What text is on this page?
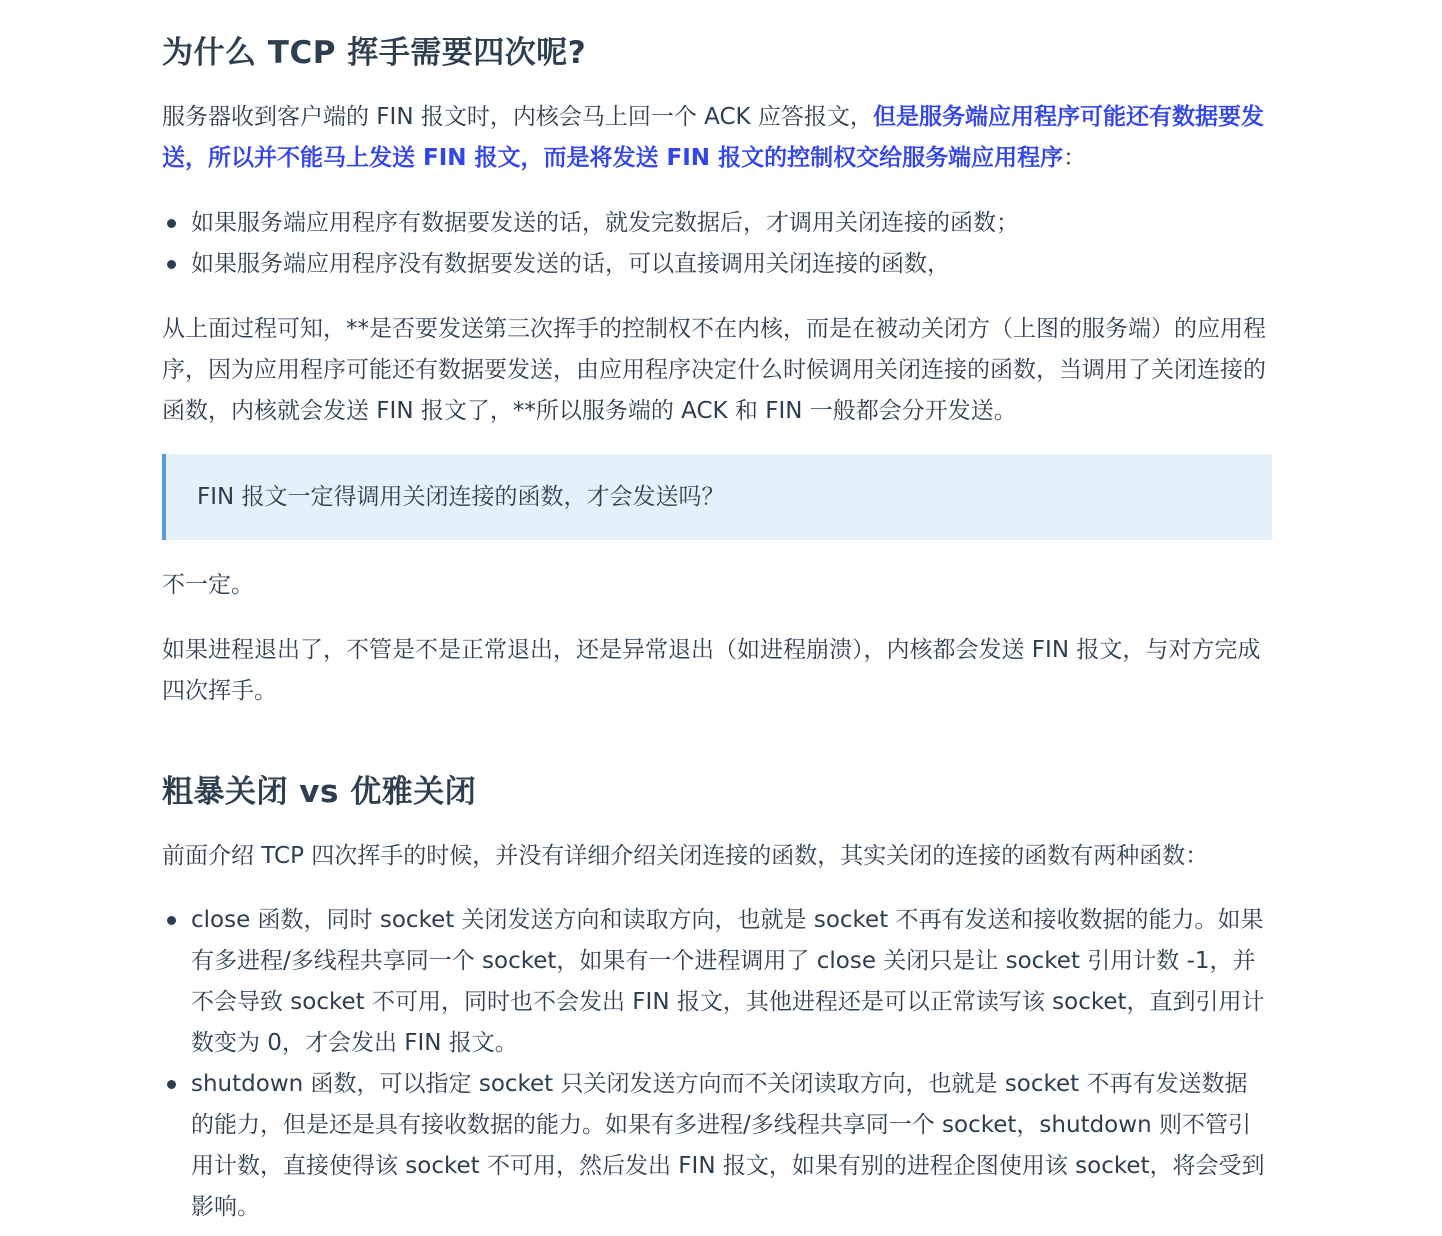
为什么 TCP 挥手需要四次呢?

服务器收到客户端的 FIN 报文时，内核会马上回一个 ACK 应答报文，但是服务端应用程序可能还有数据要发送，所以并不能马上发送 FIN 报文，而是将发送 FIN 报文的控制权交给服务端应用程序：

如果服务端应用程序有数据要发送的话，就发完数据后，才调用关闭连接的函数；
如果服务端应用程序没有数据要发送的话，可以直接调用关闭连接的函数，

从上面过程可知，**是否要发送第三次挥手的控制权不在内核，而是在被动关闭方（上图的服务端）的应用程序，因为应用程序可能还有数据要发送，由应用程序决定什么时候调用关闭连接的函数，当调用了关闭连接的函数，内核就会发送 FIN 报文了，**所以服务端的 ACK 和 FIN 一般都会分开发送。

FIN 报文一定得调用关闭连接的函数，才会发送吗？

不一定。

如果进程退出了，不管是不是正常退出，还是异常退出（如进程崩溃），内核都会发送 FIN 报文，与对方完成四次挥手。

粗暴关闭 vs 优雅关闭

前面介绍 TCP 四次挥手的时候，并没有详细介绍关闭连接的函数，其实关闭的连接的函数有两种函数：

close 函数，同时 socket 关闭发送方向和读取方向，也就是 socket 不再有发送和接收数据的能力。如果有多进程/多线程共享同一个 socket，如果有一个进程调用了 close 关闭只是让 socket 引用计数 -1，并不会导致 socket 不可用，同时也不会发出 FIN 报文，其他进程还是可以正常读写该 socket，直到引用计数变为 0，才会发出 FIN 报文。
shutdown 函数，可以指定 socket 只关闭发送方向而不关闭读取方向，也就是 socket 不再有发送数据的能力，但是还是具有接收数据的能力。如果有多进程/多线程共享同一个 socket，shutdown 则不管引用计数，直接使得该 socket 不可用，然后发出 FIN 报文，如果有别的进程企图使用该 socket，将会受到影响。
